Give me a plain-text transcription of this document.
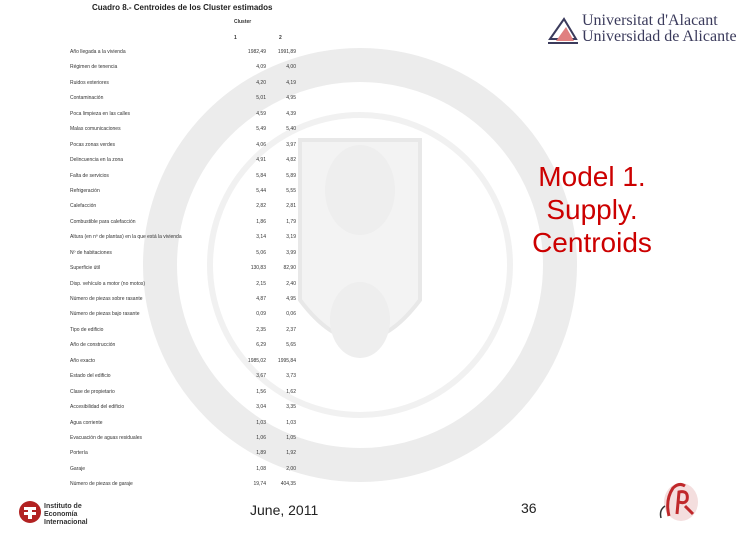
Cuadro 8.- Centroides de los Cluster estimados
Cluster
1	2
Año llegada a la vivienda	1982,49 1991,89
Régimen de tenencia	4,09	4,00
Ruidos exteriores	4,20	4,19
Contaminación	5,01	4,95
Poca limpieza en las calles	4,59	4,39
Malas comunicaciones	5,49	5,40
Pocas zonas verdes	4,06	3,97
Delincuencia en la zona	4,91	4,82
Falta de servicios	5,84	5,89
Refrigeración	5,44	5,55
Calefacción	2,82	2,81
Combustible para calefacción	1,86	1,79
Altura (en nº de plantas) en la que está la vivienda	3,14	3,19
Nº de habitaciones	5,06	3,99
Superficie útil	130,83	82,90
Disp. vehículo a motor (no motos)	2,15	2,40
Número de piezas sobre rasante	4,87	4,95
Número de piezas bajo rasante	0,09	0,06
Tipo de edificio	2,35	2,37
Año de construcción	6,29	5,65
Año exacto	1985,02 1995,84
Estado del edificio	3,67	3,73
Clase de propietario	1,56	1,62
Accesibilidad del edificio	3,04	3,35
Agua corriente	1,03	1,03
Evacuación de aguas residuales	1,06	1,05
Portería	1,89	1,92
Garaje	1,08	2,00
Número de piezas de garaje	19,74	404,35
Universitat d'Alacant
Universidad de Alicante
Model 1.
Supply.
Centroids
Instituto de
Economía
Internacional
June, 2011	36
